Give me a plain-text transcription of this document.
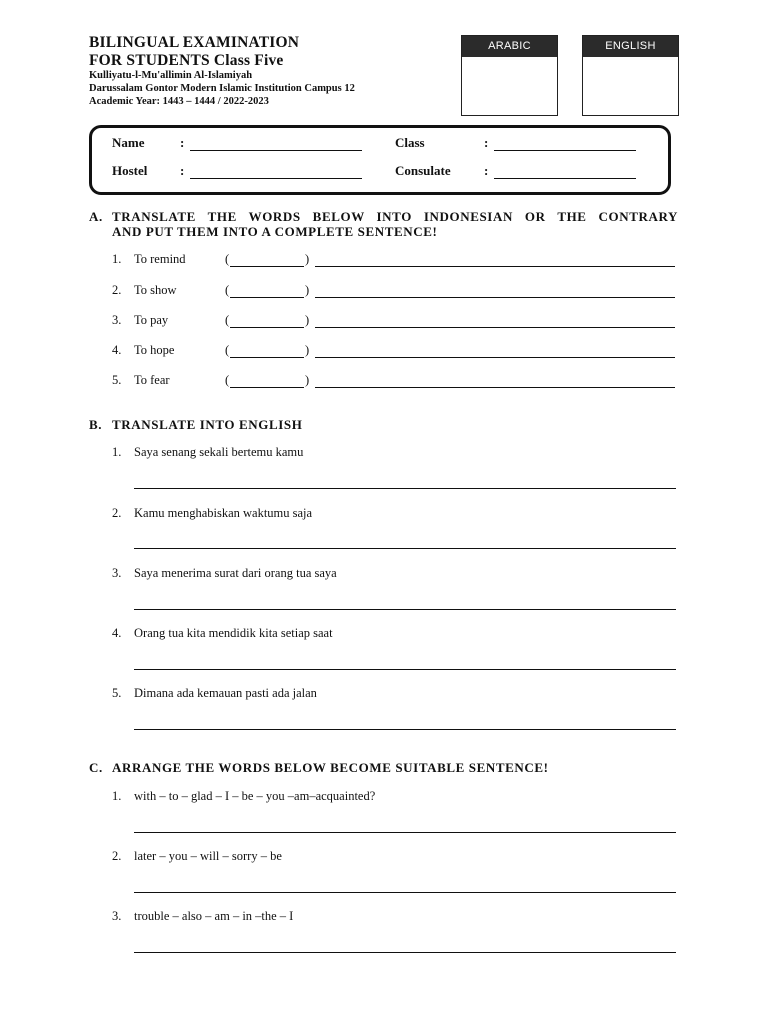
BILINGUAL EXAMINATION
FOR STUDENTS Class Five
Kulliyatu-l-Mu'allimin Al-Islamiyah
Darussalam Gontor Modern Islamic Institution Campus 12
Academic Year: 1443 – 1444 / 2022-2023
ARABIC	ENGLISH
Name	:	Class	:
Hostel	:	Consulate	:
A. TRANSLATE THE WORDS BELOW INTO INDONESIAN OR THE CONTRARY
AND PUT THEM INTO A COMPLETE SENTENCE!
1. To remind	(	)
2. To show	(	)
3. To pay	(	)
4. To hope	(	)
5. To fear	(	)
B. TRANSLATE INTO ENGLISH
1. Saya senang sekali bertemu kamu
2. Kamu menghabiskan waktumu saja
3. Saya menerima surat dari orang tua saya
4. Orang tua kita mendidik kita setiap saat
5. Dimana ada kemauan pasti ada jalan
C. ARRANGE THE WORDS BELOW BECOME SUITABLE SENTENCE!
1. with – to – glad – I – be – you –am–acquainted?
2. later – you – will – sorry – be
3. trouble – also – am – in –the – I
